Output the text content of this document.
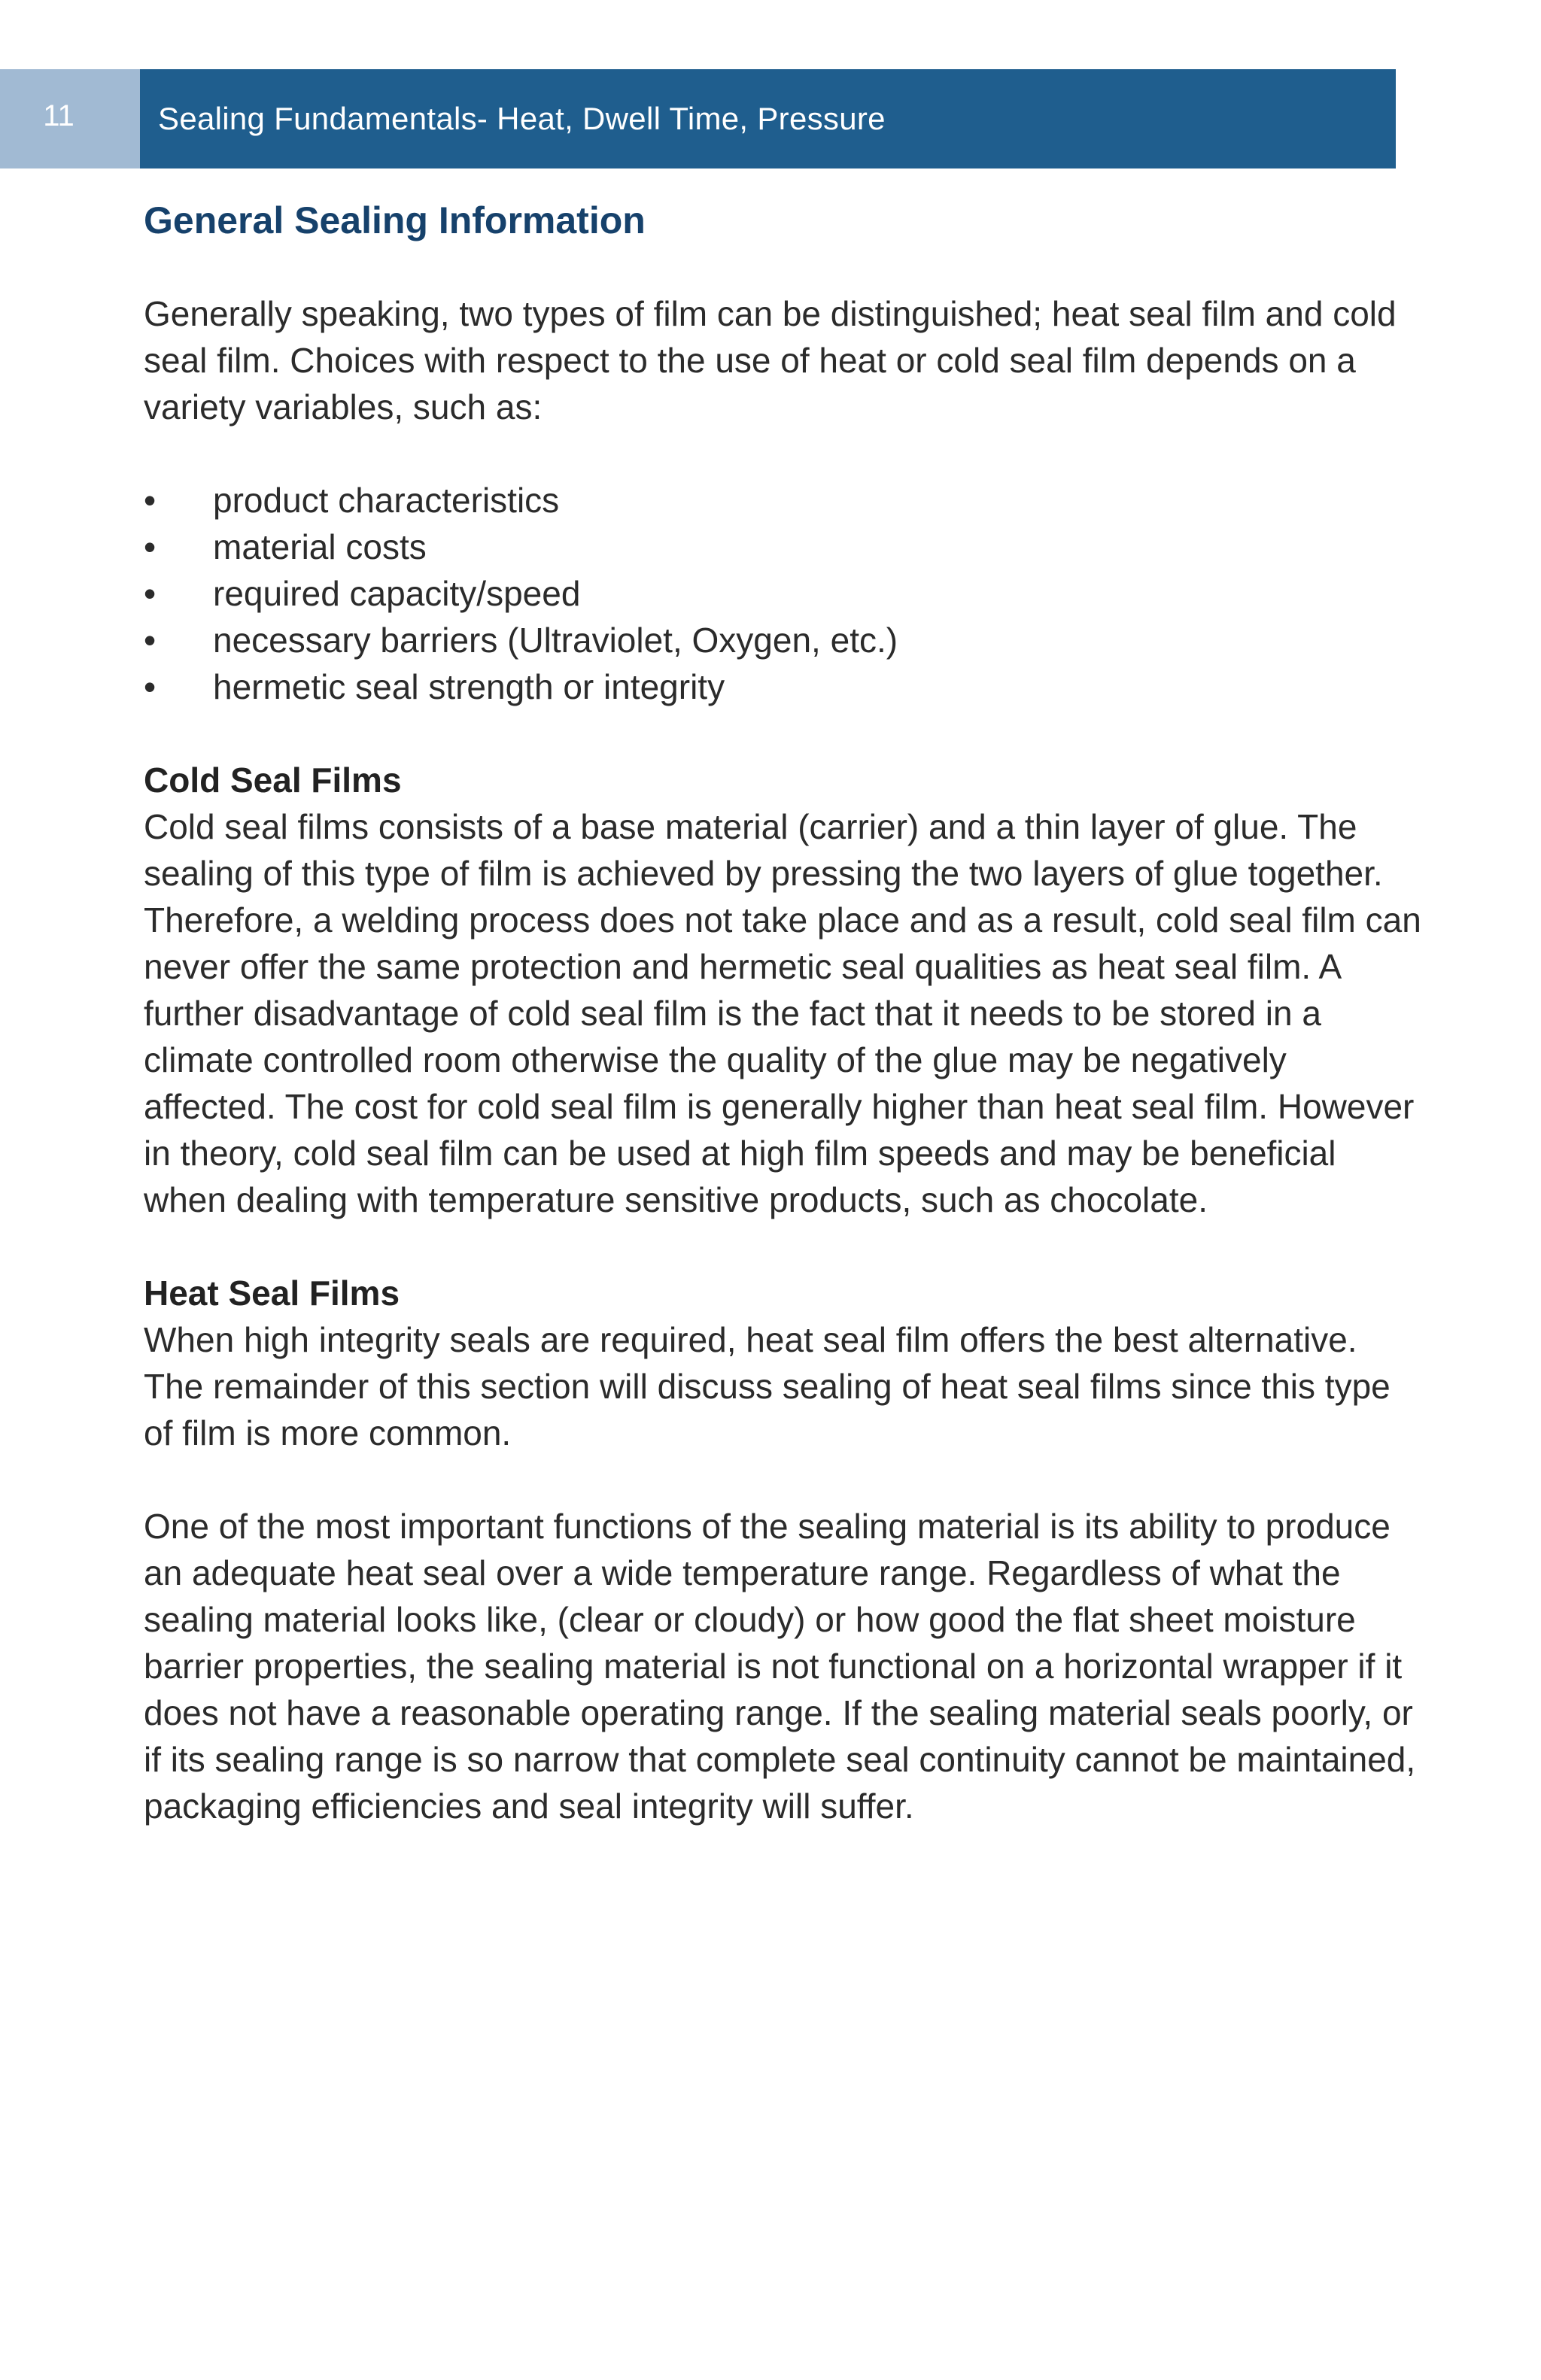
11	Sealing Fundamentals- Heat, Dwell Time, Pressure
General Sealing Information

Generally speaking, two types of film can be distinguished; heat seal film and cold seal film. Choices with respect to the use of heat or cold seal film depends on a variety variables, such as:

•	product characteristics
•	material costs
•	required capacity/speed
•	necessary barriers (Ultraviolet, Oxygen, etc.)
•	hermetic seal strength or integrity
Cold Seal Films

Cold seal films consists of a base material (carrier) and a thin layer of glue. The sealing of this type of film is achieved by pressing the two layers of glue together. Therefore, a welding process does not take place and as a result, cold seal film can never offer the same protection and hermetic seal qualities as heat seal film. A further disadvantage of cold seal film is the fact that it needs to be stored in a climate controlled room otherwise the quality of the glue may be negatively affected. The cost for cold seal film is generally higher than heat seal film. However in theory, cold seal film can be used at high film speeds and may be beneficial when dealing with temperature sensitive products, such as chocolate.

Heat Seal Films

When high integrity seals are required, heat seal film offers the best alternative. The remainder of this section will discuss sealing of heat seal films since this type of film is more common.

One of the most important functions of the sealing material is its ability to produce an adequate heat seal over a wide temperature range. Regardless of what the sealing material looks like, (clear or cloudy) or how good the flat sheet moisture barrier properties, the sealing material is not functional on a horizontal wrapper if it does not have a reasonable operating range. If the sealing material seals poorly, or if its sealing range is so narrow that complete seal continuity cannot be maintained, packaging efficiencies and seal integrity will suffer.
